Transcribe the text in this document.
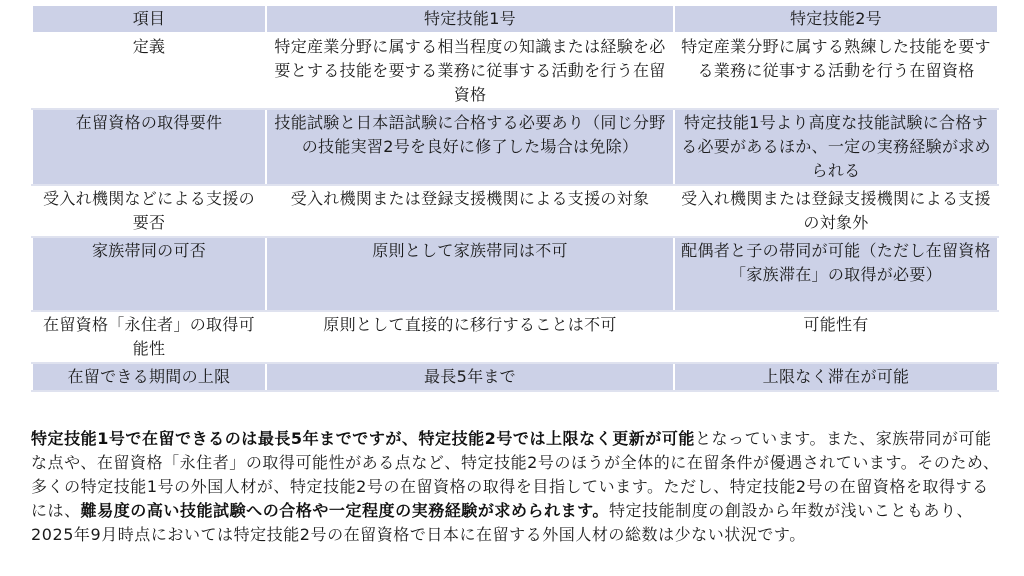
項目	特定技能1号	特定技能2号
定義	特定産業分野に属する相当程度の知識または経験を必要とする技能を要する業務に従事する活動を行う在留資格	特定産業分野に属する熟練した技能を要する業務に従事する活動を行う在留資格
在留資格の取得要件	技能試験と日本語試験に合格する必要あり（同じ分野の技能実習2号を良好に修了した場合は免除）	特定技能1号より高度な技能試験に合格する必要があるほか、一定の実務経験が求められる
受入れ機関などによる支援の要否	受入れ機関または登録支援機関による支援の対象	受入れ機関または登録支援機関による支援の対象外
家族帯同の可否	原則として家族帯同は不可	配偶者と子の帯同が可能（ただし在留資格「家族滞在」の取得が必要）
在留資格「永住者」の取得可能性	原則として直接的に移行することは不可	可能性有
在留できる期間の上限	最長5年まで	上限なく滞在が可能
特定技能1号で在留できるのは最長5年までですが、特定技能2号では上限なく更新が可能となっています。また、家族帯同が可能な点や、在留資格「永住者」の取得可能性がある点など、特定技能2号のほうが全体的に在留条件が優遇されています。そのため、多くの特定技能1号の外国人材が、特定技能2号の在留資格の取得を目指しています。ただし、特定技能2号の在留資格を取得するには、難易度の高い技能試験への合格や一定程度の実務経験が求められます。特定技能制度の創設から年数が浅いこともあり、2025年9月時点においては特定技能2号の在留資格で日本に在留する外国人材の総数は少ない状況です。
